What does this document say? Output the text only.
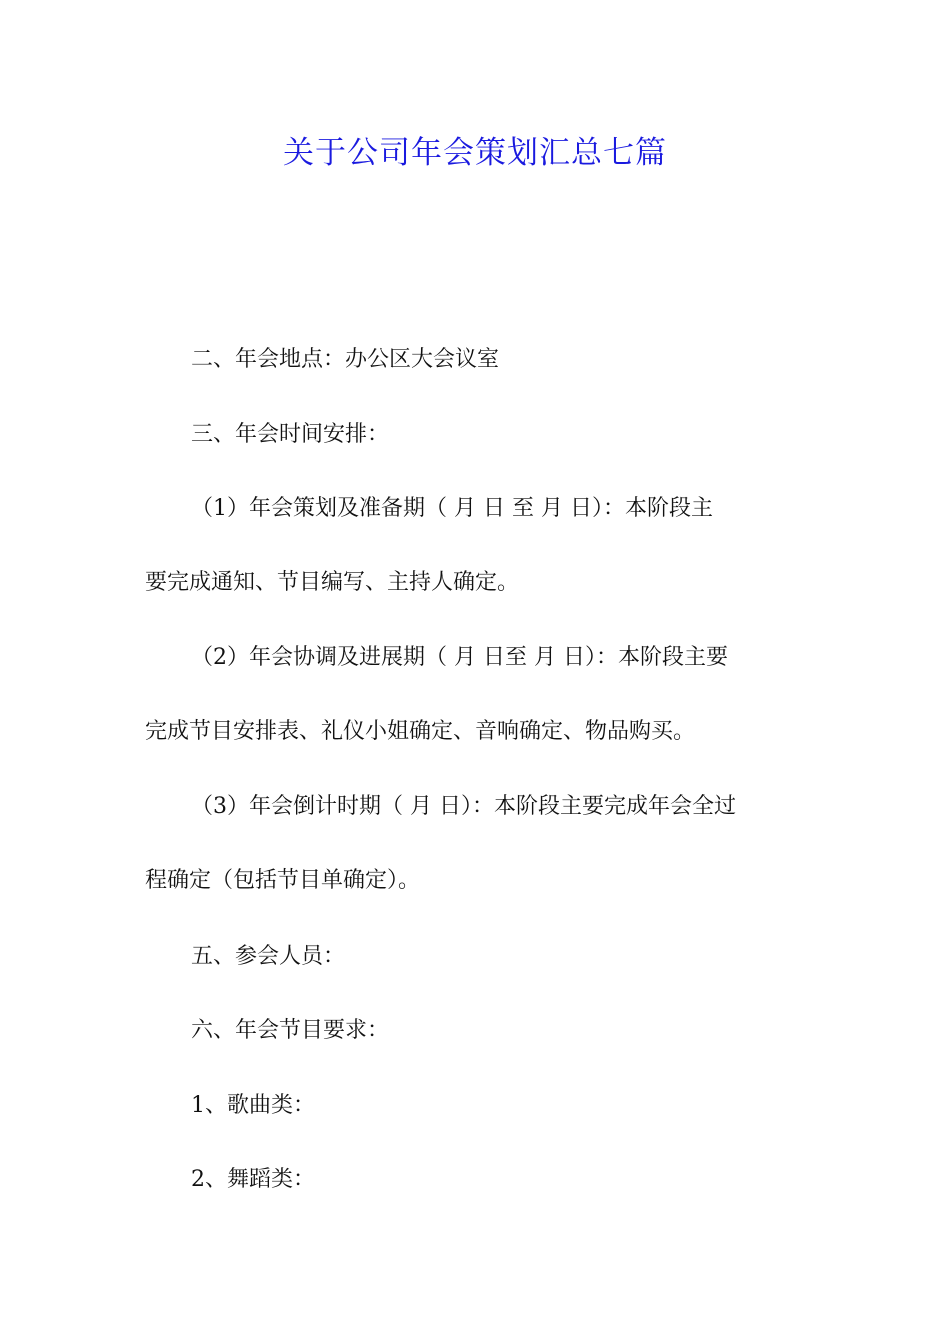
关于公司年会策划汇总七篇

二、年会地点：办公区大会议室

三、年会时间安排：

（1）年会策划及准备期（ 月 日 至 月 日）：本阶段主
要完成通知、节目编写、主持人确定。

（2）年会协调及进展期（ 月 日至 月 日）：本阶段主要
完成节目安排表、礼仪小姐确定、音响确定、物品购买。

（3）年会倒计时期（ 月 日）：本阶段主要完成年会全过
程确定（包括节目单确定）。

五、参会人员：

六、年会节目要求：

1、歌曲类：

2、舞蹈类：
